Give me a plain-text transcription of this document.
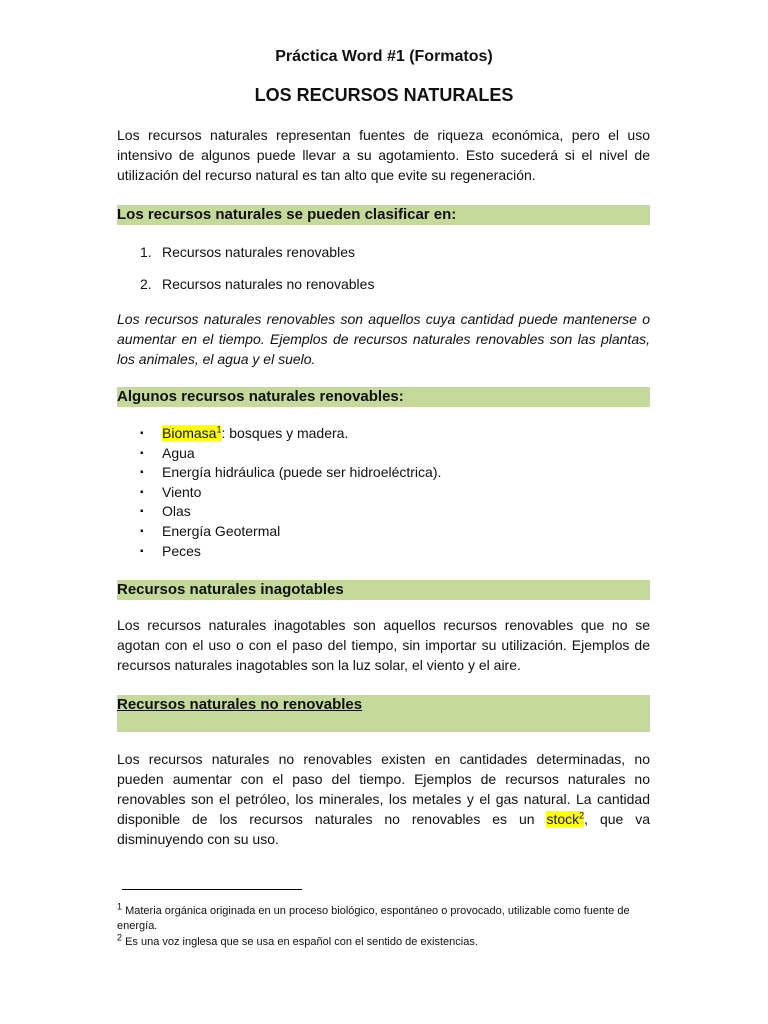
Práctica Word #1 (Formatos)
LOS RECURSOS NATURALES
Los recursos naturales representan fuentes de riqueza económica, pero el uso intensivo de algunos puede llevar a su agotamiento. Esto sucederá si el nivel de utilización del recurso natural es tan alto que evite su regeneración.
Los recursos naturales se pueden clasificar en:
1. Recursos naturales renovables
2. Recursos naturales no renovables
Los recursos naturales renovables son aquellos cuya cantidad puede mantenerse o aumentar en el tiempo. Ejemplos de recursos naturales renovables son las plantas, los animales, el agua y el suelo.
Algunos recursos naturales renovables:
▪ Biomasa$^1$: bosques y madera.
▪ Agua
▪ Energía hidráulica (puede ser hidroeléctrica).
▪ Viento
▪ Olas
▪ Energía Geotermal
▪ Peces
Recursos naturales inagotables
Los recursos naturales inagotables son aquellos recursos renovables que no se agotan con el uso o con el paso del tiempo, sin importar su utilización. Ejemplos de recursos naturales inagotables son la luz solar, el viento y el aire.
Recursos naturales no renovables
Los recursos naturales no renovables existen en cantidades determinadas, no pueden aumentar con el paso del tiempo. Ejemplos de recursos naturales no renovables son el petróleo, los minerales, los metales y el gas natural. La cantidad disponible de los recursos naturales no renovables es un stock$^2$, que va disminuyendo con su uso.
$^1$ Materia orgánica originada en un proceso biológico, espontáneo o provocado, utilizable como fuente de energía.
$^2$ Es una voz inglesa que se usa en español con el sentido de existencias.
